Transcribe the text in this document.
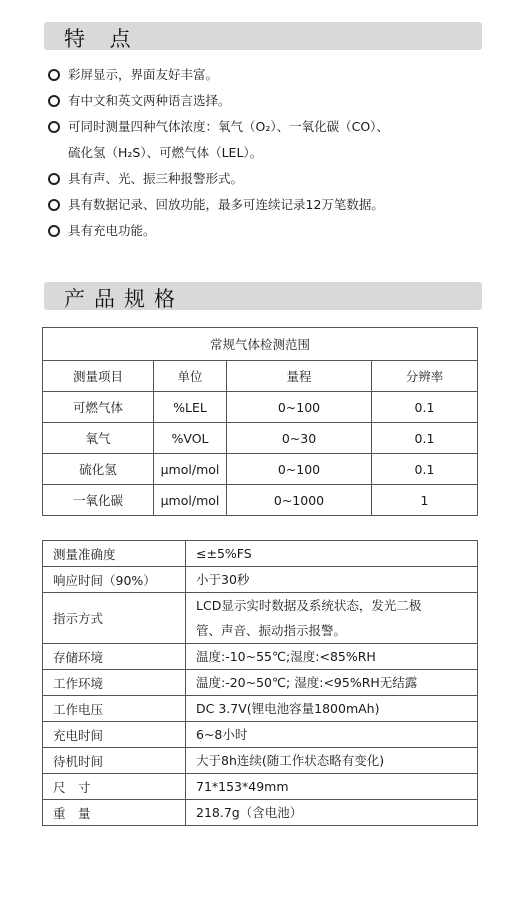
特 点
彩屏显示，界面友好丰富。
有中文和英文两种语言选择。
可同时测量四种气体浓度：氧气（O₂）、一氧化碳（CO）、
硫化氢（H₂S）、可燃气体（LEL）。
具有声、光、振三种报警形式。
具有数据记录、回放功能，最多可连续记录12万笔数据。
具有充电功能。
产品规格
常规气体检测范围			
测量项目	单位	量程	分辨率
可燃气体	%LEL	0~100	0.1
氧气	%VOL	0~30	0.1
硫化氢	μmol/mol	0~100	0.1
一氧化碳	μmol/mol	0~1000	1
测量准确度	≤±5%FS
响应时间（90%）	小于30秒
指示方式	LCD显示实时数据及系统状态，发光二极
管、声音、振动指示报警。

存储环境	温度:-10~55℃;湿度:<85%RH
工作环境	温度:-20~50℃; 湿度:<95%RH无结露
工作电压	DC 3.7V(锂电池容量1800mAh)
充电时间	6~8小时
待机时间	大于8h连续(随工作状态略有变化)
尺　寸	71*153*49mm
重　量	218.7g（含电池）
